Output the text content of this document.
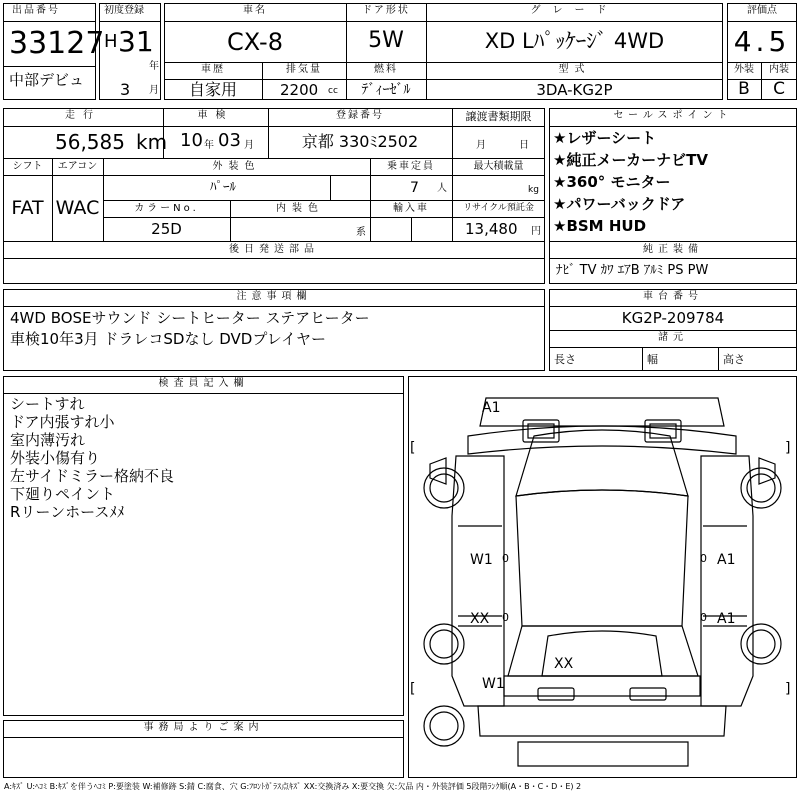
出品番号
33127
中部デビュ
初度登録
H 31
年
3 月
車名
CX-8
ドア形状
5W
グレード
XD Lﾊﾟｯｹｰｼﾞ 4WD
車歴
自家用
排気量
2200 cc
燃料
ﾃﾞｨｰｾﾞﾙ
型式
3DA-KG2P
評価点
4.5
外装	内装
B	C
走行
56,585 km
車検
10 年 03 月
登録番号
京都 330ﾐ2502
譲渡書類期限
月	日
シフト	エアコン
FAT WAC
外装色
ﾊﾟｰﾙ
乗車定員
7 人
最大積載量
kg
カラーNo.
25D
内装色
系
輸入車	リサイクル預託金
13,480 円
後日発送部品
セールスポイント
★レザーシート
★純正メーカーナビTV
★360° モニター
★パワーバックドア
★BSM HUD
純正装備
ﾅﾋﾞ TV ｶﾜ ｴｱB ｱﾙﾐ PS PW
注意事項欄
4WD BOSEサウンド シートヒーター ステアヒーター
車検10年3月 ドラレコSDなし DVDプレイヤー
車台番号
KG2P-209784
諸元
長さ	幅	高さ
検査員記入欄
シートすれ
ドア内張すれ小
室内薄汚れ
外装小傷有り
左サイドミラー格納不良
下廻りペイント
Rリーンホースﾒﾒ
事務局よりご案内
A1
[	]
W1 0	0 A1
XX 0	0 A1
XX
W1
[	]
A:ｷｽﾞ U:ﾍｺﾐ B:ｷｽﾞを伴うﾍｺﾐ P:要塗装 W:補修跡 S:錆 C:腐食、穴 G:ﾌﾛﾝﾄｶﾞﾗｽ点ｷｽﾞ XX:交換済み X:要交換 欠:欠品 内・外装評価 5段階ﾗﾝｸ順(A・B・C・D・E) 2
